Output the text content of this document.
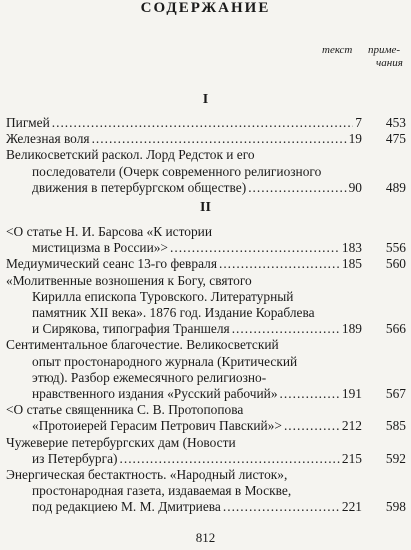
СОДЕРЖАНИЕ
текст приме-
чания
I
Пигмей .....	7	453
Железная воля .....	19	475
Великосветский раскол. Лорд Редсток и его
последователи (Очерк современного религиозного
движения в петербургском обществе) .....	90	489
II
<О статье Н. И. Барсова «К истории
мистицизма в России»> .....	183	556
Медиумический сеанс 13-го февраля .....	185	560
«Молитвенные вознoшения к Богу, святого
Кирилла епископа Туровского. Литературный
памятник XII века». 1876 год. Издание Кораблева
и Сирякова, типография Траншеля .....	189	566
Сентиментальное благочестие. Великосветский
опыт простонародного журнала (Критический
этюд). Разбор ежемесячного религиозно-
нравственного издания «Русский рабочий» .....	191	567
<О статье священника С. В. Протопопова
«Протоиерей Герасим Петрович Павский»> .....	212	585
Чужеверие петербургских дам (Новости
из Петербурга) .....	215	592
Энергическая бестактность. «Народный листок»,
простонародная газета, издаваемая в Москве,
под редакциею М. М. Дмитриева .....	221	598
812
